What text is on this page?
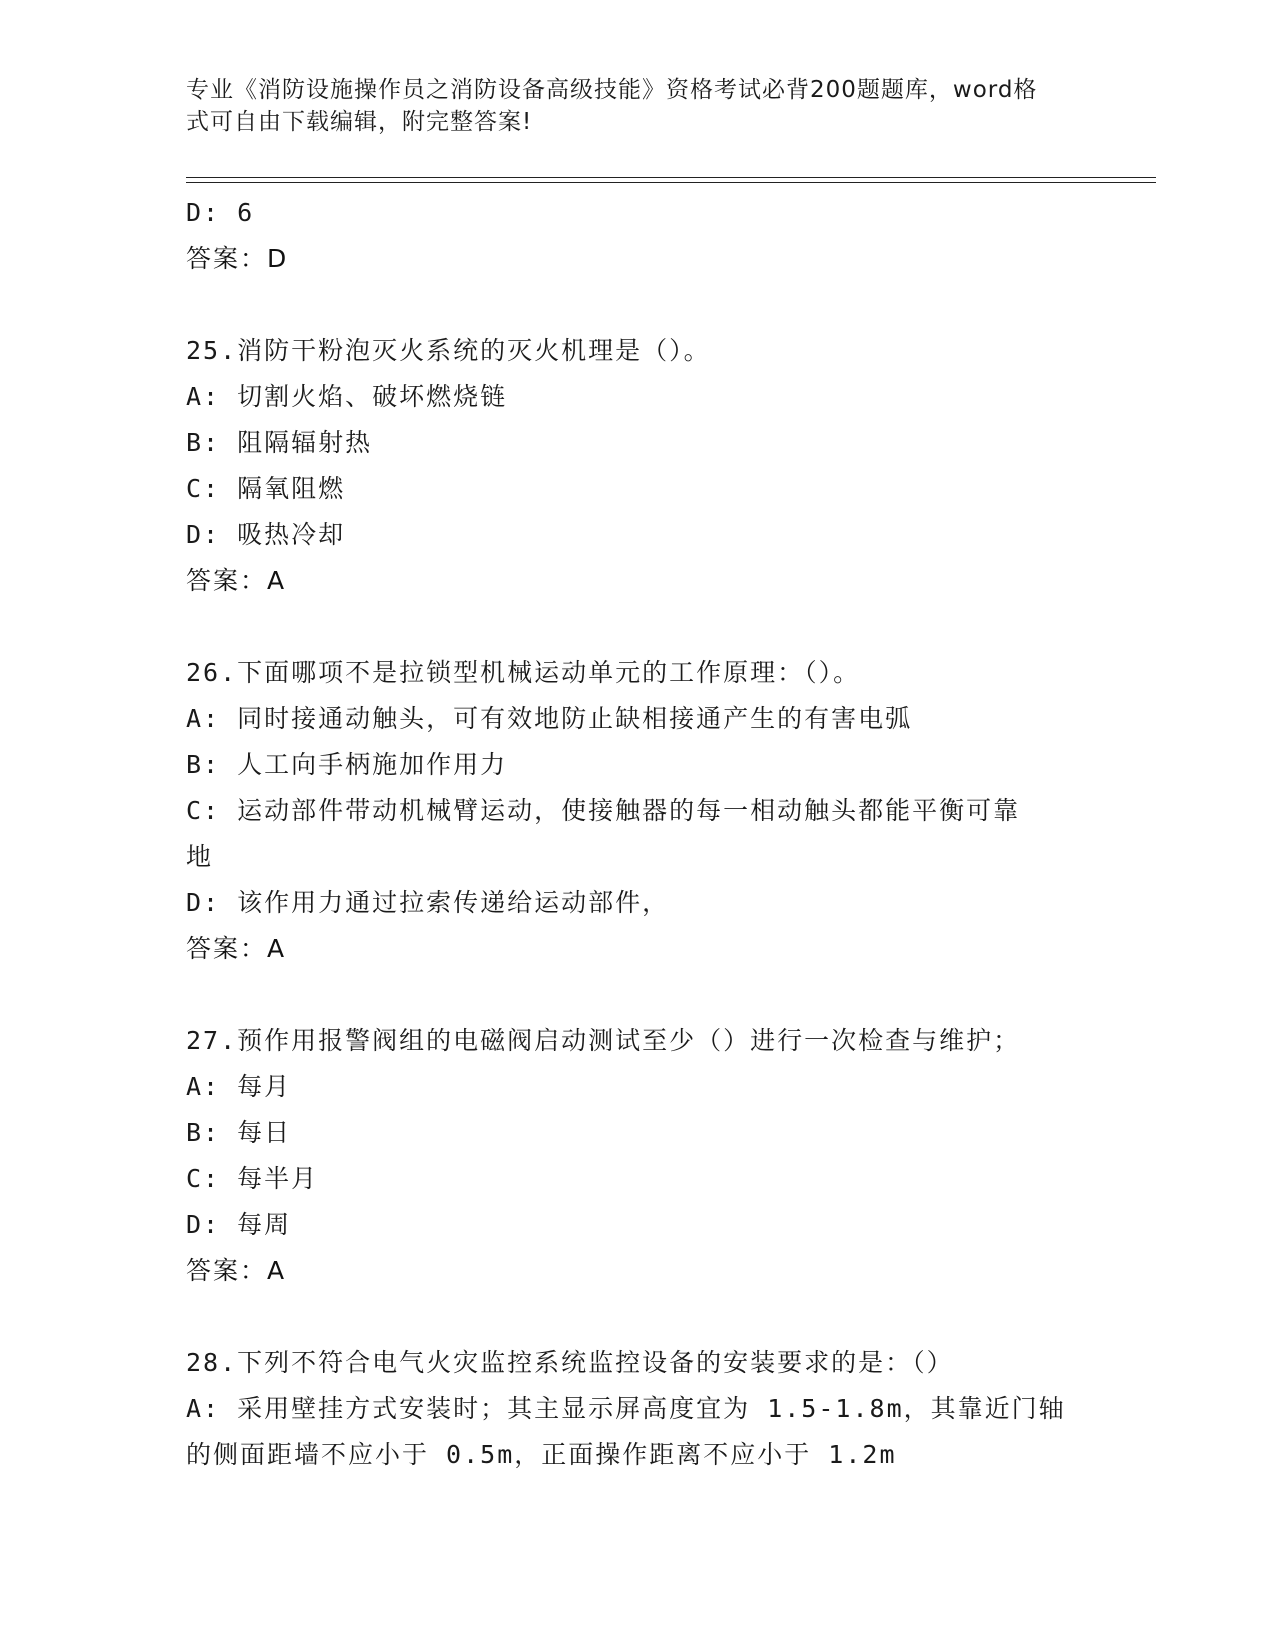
专业《消防设施操作员之消防设备高级技能》资格考试必背200题题库，word格
式可自由下载编辑，附完整答案!
D: 6
答案：D
25.消防干粉泡灭火系统的灭火机理是（）。
A: 切割火焰、破坏燃烧链
B: 阻隔辐射热
C: 隔氧阻燃
D: 吸热冷却
答案：A
26.下面哪项不是拉锁型机械运动单元的工作原理：（）。
A: 同时接通动触头，可有效地防止缺相接通产生的有害电弧
B: 人工向手柄施加作用力
C: 运动部件带动机械臂运动，使接触器的每一相动触头都能平衡可靠
地
D: 该作用力通过拉索传递给运动部件，
答案：A
27.预作用报警阀组的电磁阀启动测试至少（）进行一次检查与维护；
A: 每月
B: 每日
C: 每半月
D: 每周
答案：A
28.下列不符合电气火灾监控系统监控设备的安装要求的是：（）
A: 采用壁挂方式安装时；其主显示屏高度宜为 1.5-1.8m，其靠近门轴
的侧面距墙不应小于 0.5m，正面操作距离不应小于 1.2m
